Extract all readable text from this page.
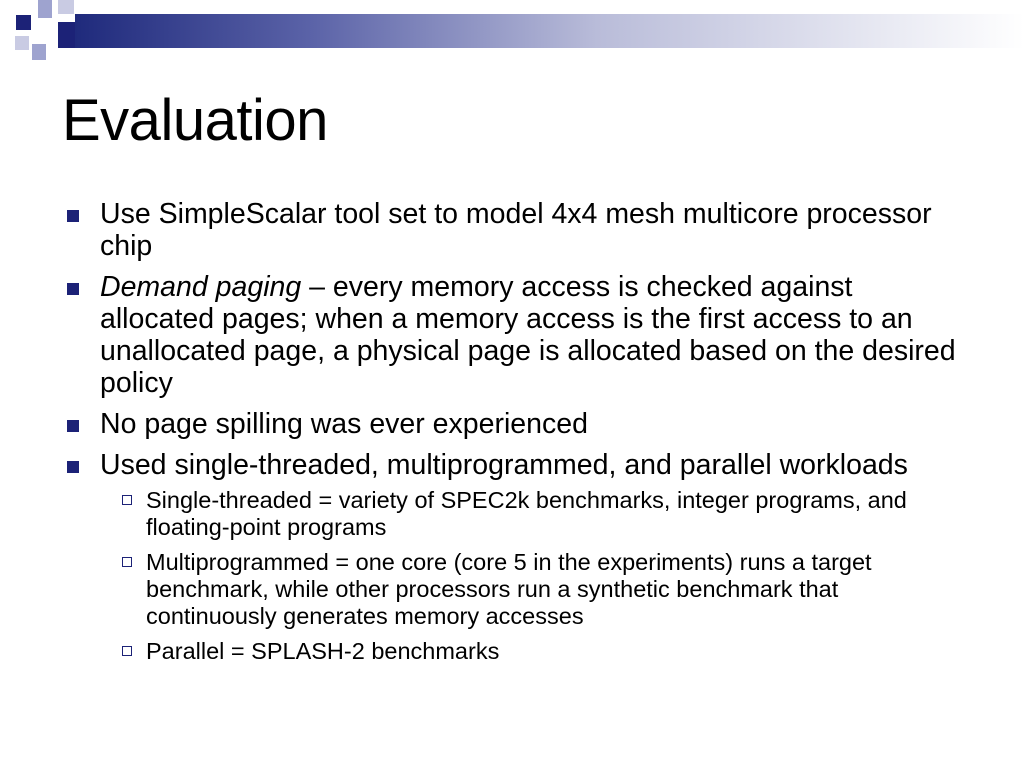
Evaluation
Use SimpleScalar tool set to model 4x4 mesh multicore processor chip
Demand paging – every memory access is checked against allocated pages; when a memory access is the first access to an unallocated page, a physical page is allocated based on the desired policy
No page spilling was ever experienced
Used single-threaded, multiprogrammed, and parallel workloads
Single-threaded = variety of SPEC2k benchmarks, integer programs, and floating-point programs
Multiprogrammed = one core (core 5 in the experiments) runs a target benchmark, while other processors run a synthetic benchmark that continuously generates memory accesses
Parallel = SPLASH-2 benchmarks
